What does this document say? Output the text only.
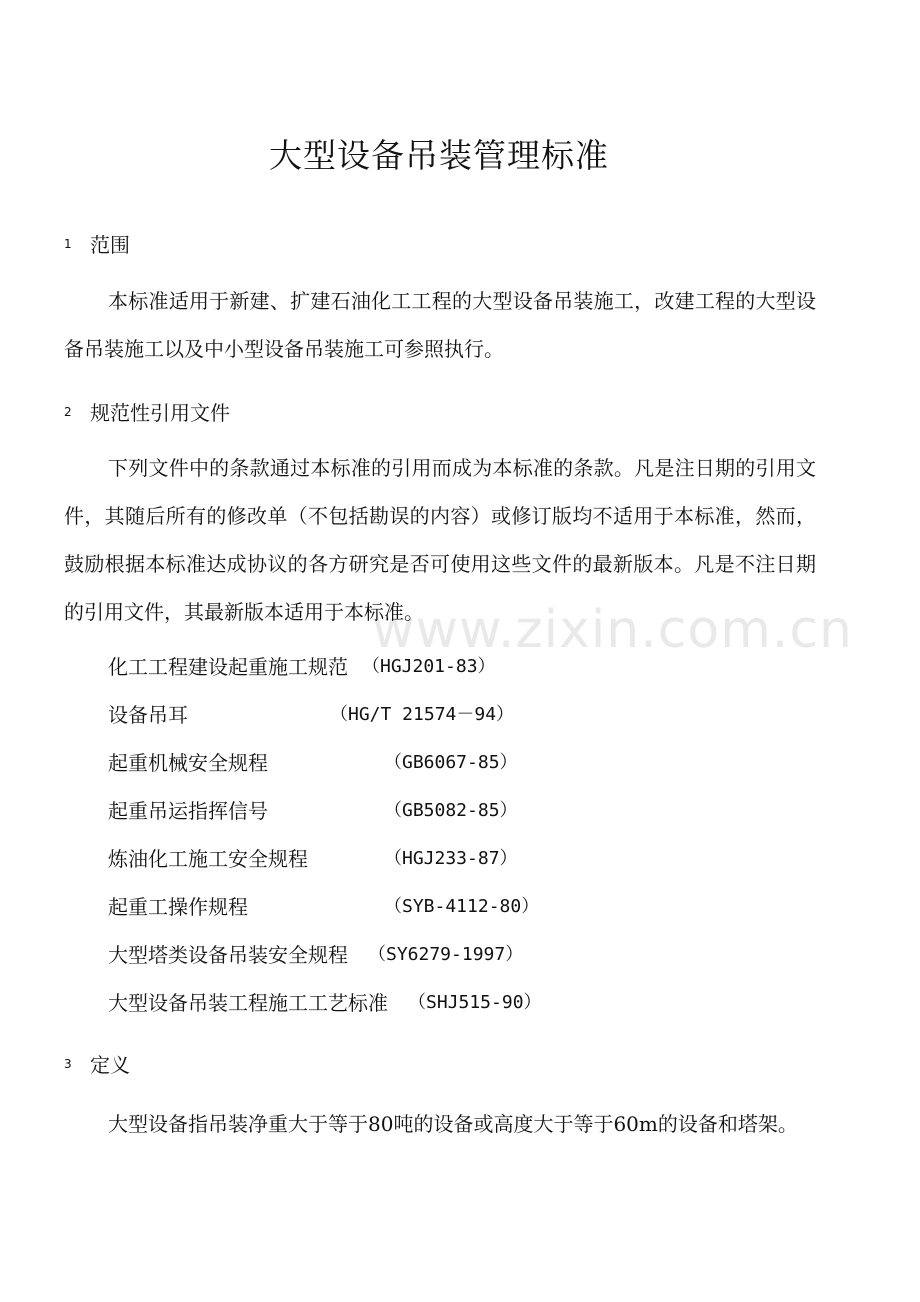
www.zixin.com.cn
大型设备吊装管理标准
1 范围

本标准适用于新建、扩建石油化工工程的大型设备吊装施工，改建工程的大型设备吊装施工以及中小型设备吊装施工可参照执行。

2 规范性引用文件

下列文件中的条款通过本标准的引用而成为本标准的条款。凡是注日期的引用文件，其随后所有的修改单（不包括勘误的内容）或修订版均不适用于本标准，然而，鼓励根据本标准达成协议的各方研究是否可使用这些文件的最新版本。凡是不注日期的引用文件，其最新版本适用于本标准。

化工工程建设起重施工规范 （HGJ201-83）
设备吊耳	（HG/T 21574－94）
起重机械安全规程	（GB6067-85）
起重吊运指挥信号	（GB5082-85）
炼油化工施工安全规程	（HGJ233-87）
起重工操作规程	（SYB-4112-80）
大型塔类设备吊装安全规程 （SY6279-1997）
大型设备吊装工程施工工艺标准 （SHJ515-90）
3 定义

大型设备指吊装净重大于等于80吨的设备或高度大于等于60m的设备和塔架。
